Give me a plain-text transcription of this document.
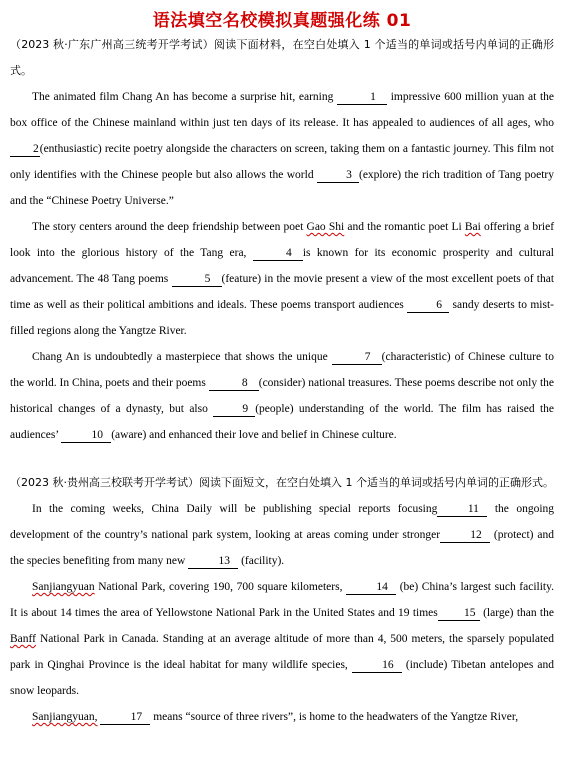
语法填空名校模拟真题强化练 01

（2023 秋·广东广州高三统考开学考试）阅读下面材料，在空白处填入 1 个适当的单词或括号内单词的正确形式。

The animated film Chang An has become a surprise hit, earning	1 impressive 600 million yuan at the box office of the Chinese mainland within just ten days of its release. It has appealed to audiences of all ages, who 2(enthusiastic) recite poetry alongside the characters on screen, taking them on a fantastic journey. This film not only identifies with the Chinese people but also allows the world	3 (explore) the rich tradition of Tang poetry and the “Chinese Poetry Universe.”

The story centers around the deep friendship between poet Gao Shi and the romantic poet Li Bai offering a brief look into the glorious history of the Tang era,	4 is known for its economic prosperity and cultural advancement. The 48 Tang poems	5 (feature) in the movie present a view of the most excellent poets of that time as well as their political ambitions and ideals. These poems transport audiences	6 sandy deserts to mist-filled regions along the Yangtze River.

Chang An is undoubtedly a masterpiece that shows the unique	7 (characteristic) of Chinese culture to the world. In China, poets and their poems	8 (consider) national treasures. These poems describe not only the historical changes of a dynasty, but also	9 (people) understanding of the world. The film has raised the audiences’	10 (aware) and enhanced their love and belief in Chinese culture.

（2023 秋·贵州高三校联考开学考试）阅读下面短文，在空白处填入 1 个适当的单词或括号内单词的正确形式。

In the coming weeks, China Daily will be publishing special reports focusing	11 the ongoing development of the country’s national park system, looking at areas coming under stronger	12 (protect) and the species benefiting from many new	13 (facility).

Sanjiangyuan National Park, covering 190, 700 square kilometers,	14 (be) China’s largest such facility. It is about 14 times the area of Yellowstone National Park in the United States and 19 times 15 (large) than the Banff National Park in Canada. Standing at an average altitude of more than 4, 500 meters, the sparsely populated park in Qinghai Province is the ideal habitat for many wildlife species,	16 (include) Tibetan antelopes and snow leopards.

Sanjiangyuan,	17 means “source of three rivers”, is home to the headwaters of the Yangtze River,
